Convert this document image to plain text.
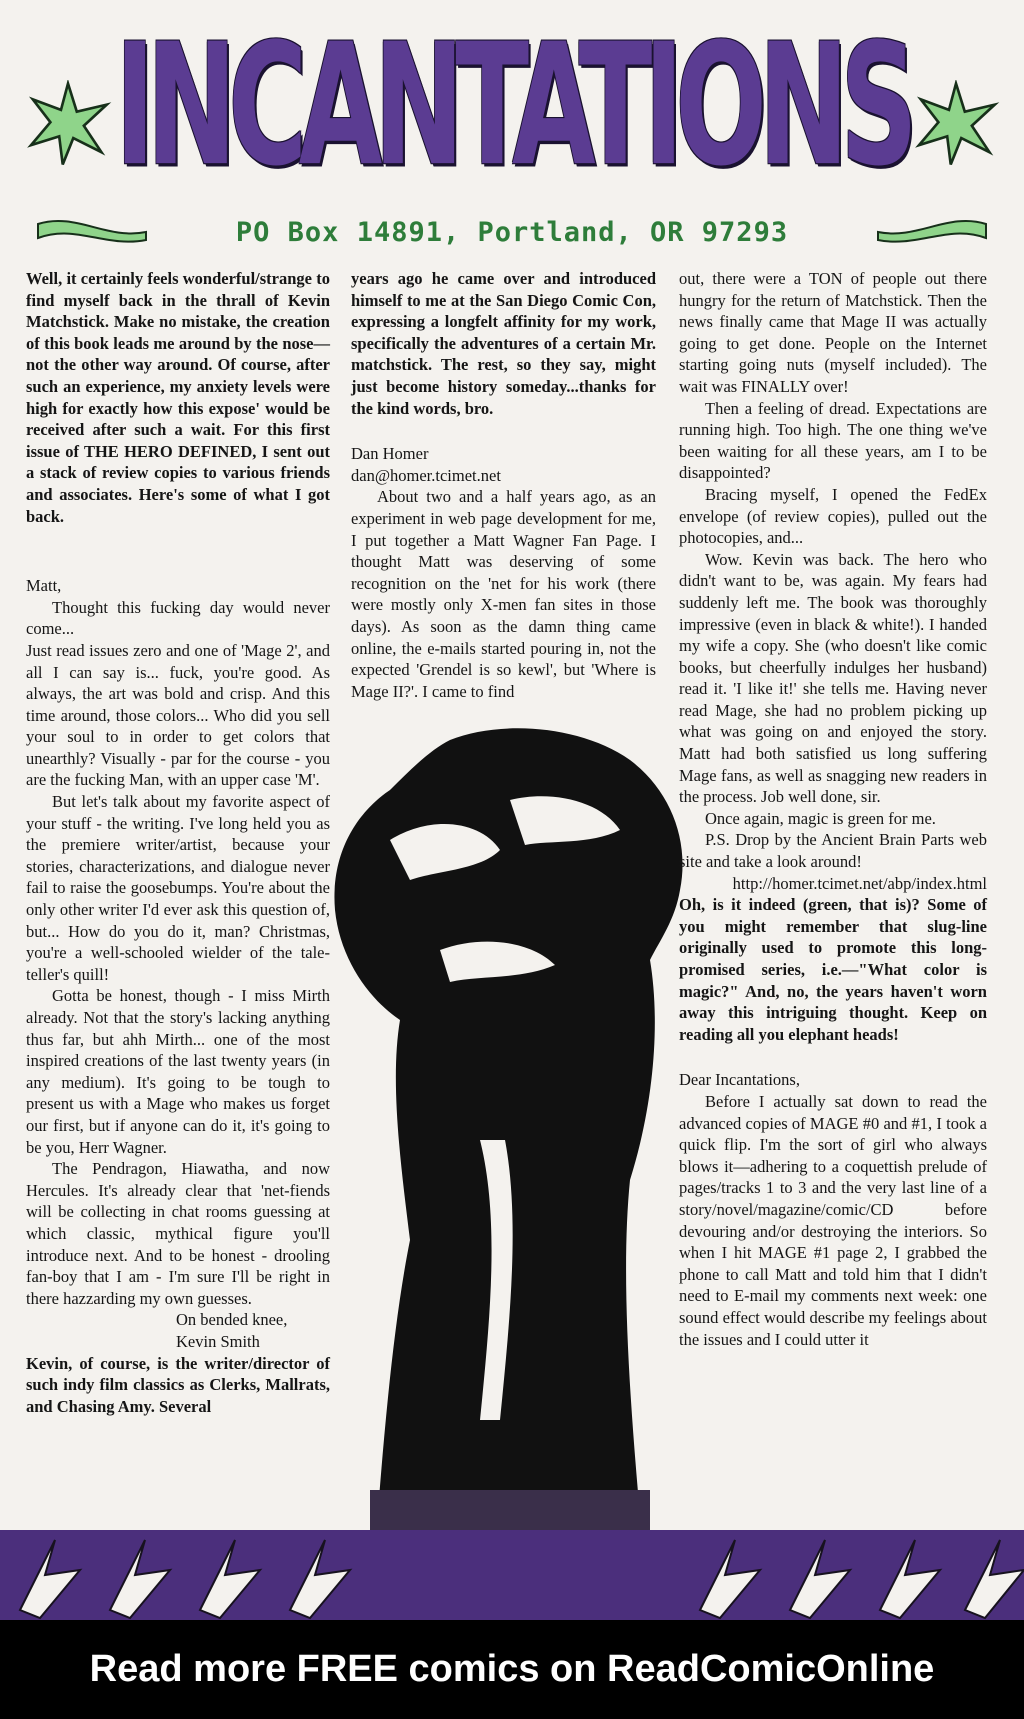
INCANTATIONS
PO Box 14891, Portland, OR 97293

Well, it certainly feels wonderful/strange to find myself back in the thrall of Kevin Matchstick. Make no mistake, the creation of this book leads me around by the nose—not the other way around. Of course, after such an experience, my anxiety levels were high for exactly how this expose' would be received after such a wait. For this first issue of THE HERO DEFINED, I sent out a stack of review copies to various friends and associates. Here's some of what I got back.

Matt,

Thought this fucking day would never come...

Just read issues zero and one of 'Mage 2', and all I can say is... fuck, you're good. As always, the art was bold and crisp. And this time around, those colors... Who did you sell your soul to in order to get colors that unearthly? Visually - par for the course - you are the fucking Man, with an upper case 'M'.

But let's talk about my favorite aspect of your stuff - the writing. I've long held you as the premiere writer/artist, because your stories, characterizations, and dialogue never fail to raise the goosebumps. You're about the only other writer I'd ever ask this question of, but... How do you do it, man? Christmas, you're a well-schooled wielder of the tale-teller's quill!

Gotta be honest, though - I miss Mirth already. Not that the story's lacking anything thus far, but ahh Mirth... one of the most inspired creations of the last twenty years (in any medium). It's going to be tough to present us with a Mage who makes us forget our first, but if anyone can do it, it's going to be you, Herr Wagner.

The Pendragon, Hiawatha, and now Hercules. It's already clear that 'net-fiends will be collecting in chat rooms guessing at which classic, mythical figure you'll introduce next. And to be honest - drooling fan-boy that I am - I'm sure I'll be right in there hazzarding my own guesses.

On bended knee,

Kevin Smith

Kevin, of course, is the writer/director of such indy film classics as Clerks, Mallrats, and Chasing Amy. Several

years ago he came over and introduced himself to me at the San Diego Comic Con, expressing a longfelt affinity for my work, specifically the adventures of a certain Mr. matchstick. The rest, so they say, might just become history someday...thanks for the kind words, bro.

Dan Homer

dan@homer.tcimet.net

About two and a half years ago, as an experiment in web page development for me, I put together a Matt Wagner Fan Page. I thought Matt was deserving of some recognition on the 'net for his work (there were mostly only X-men fan sites in those days). As soon as the damn thing came online, the e-mails started pouring in, not the expected 'Grendel is so kewl', but 'Where is Mage II?'. I came to find

out, there were a TON of people out there hungry for the return of Matchstick. Then the news finally came that Mage II was actually going to get done. People on the Internet starting going nuts (myself included). The wait was FINALLY over!

Then a feeling of dread. Expectations are running high. Too high. The one thing we've been waiting for all these years, am I to be disappointed?

Bracing myself, I opened the FedEx envelope (of review copies), pulled out the photocopies, and...

Wow. Kevin was back. The hero who didn't want to be, was again. My fears had suddenly left me. The book was thoroughly impressive (even in black & white!). I handed my wife a copy. She (who doesn't like comic books, but cheerfully indulges her husband) read it. 'I like it!' she tells me. Having never read Mage, she had no problem picking up what was going on and enjoyed the story. Matt had both satisfied us long suffering Mage fans, as well as snagging new readers in the process. Job well done, sir.

Once again, magic is green for me.

P.S. Drop by the Ancient Brain Parts web site and take a look around!

http://homer.tcimet.net/abp/index.html

Oh, is it indeed (green, that is)? Some of you might remember that slug-line originally used to promote this long-promised series, i.e.—"What color is magic?" And, no, the years haven't worn away this intriguing thought. Keep on reading all you elephant heads!

Dear Incantations,

Before I actually sat down to read the advanced copies of MAGE #0 and #1, I took a quick flip. I'm the sort of girl who always blows it—adhering to a coquettish prelude of pages/tracks 1 to 3 and the very last line of a story/novel/magazine/comic/CD before devouring and/or destroying the interiors. So when I hit MAGE #1 page 2, I grabbed the phone to call Matt and told him that I didn't need to E-mail my comments next week: one sound effect would describe my feelings about the issues and I could utter it

Read more FREE comics on ReadComicOnline
